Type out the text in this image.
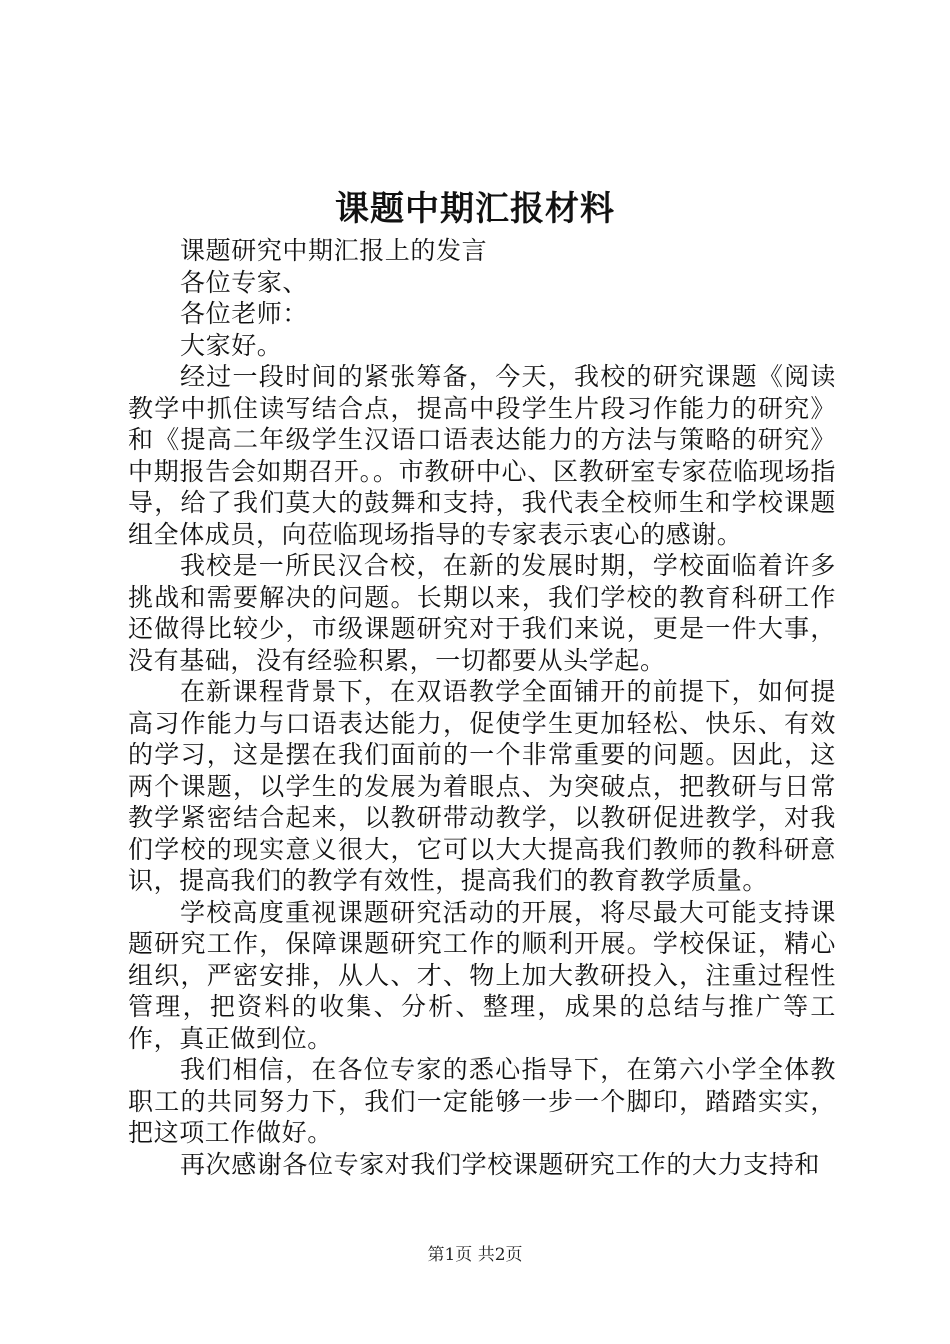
课题中期汇报材料

课题研究中期汇报上的发言

各位专家、

各位老师：

大家好。

经过一段时间的紧张筹备，今天，我校的研究课题《阅读教学中抓住读写结合点，提高中段学生片段习作能力的研究》和《提高二年级学生汉语口语表达能力的方法与策略的研究》中期报告会如期召开。。市教研中心、区教研室专家莅临现场指导，给了我们莫大的鼓舞和支持，我代表全校师生和学校课题组全体成员，向莅临现场指导的专家表示衷心的感谢。

我校是一所民汉合校，在新的发展时期，学校面临着许多挑战和需要解决的问题。长期以来，我们学校的教育科研工作还做得比较少，市级课题研究对于我们来说，更是一件大事，没有基础，没有经验积累，一切都要从头学起。

在新课程背景下，在双语教学全面铺开的前提下，如何提高习作能力与口语表达能力，促使学生更加轻松、快乐、有效的学习，这是摆在我们面前的一个非常重要的问题。因此，这两个课题，以学生的发展为着眼点、为突破点，把教研与日常教学紧密结合起来，以教研带动教学，以教研促进教学，对我们学校的现实意义很大，它可以大大提高我们教师的教科研意识，提高我们的教学有效性，提高我们的教育教学质量。

学校高度重视课题研究活动的开展，将尽最大可能支持课题研究工作，保障课题研究工作的顺利开展。学校保证，精心组织，严密安排，从人、才、物上加大教研投入，注重过程性管理，把资料的收集、分析、整理，成果的总结与推广等工作，真正做到位。

我们相信，在各位专家的悉心指导下，在第六小学全体教职工的共同努力下，我们一定能够一步一个脚印，踏踏实实，把这项工作做好。

再次感谢各位专家对我们学校课题研究工作的大力支持和

第1页 共2页
